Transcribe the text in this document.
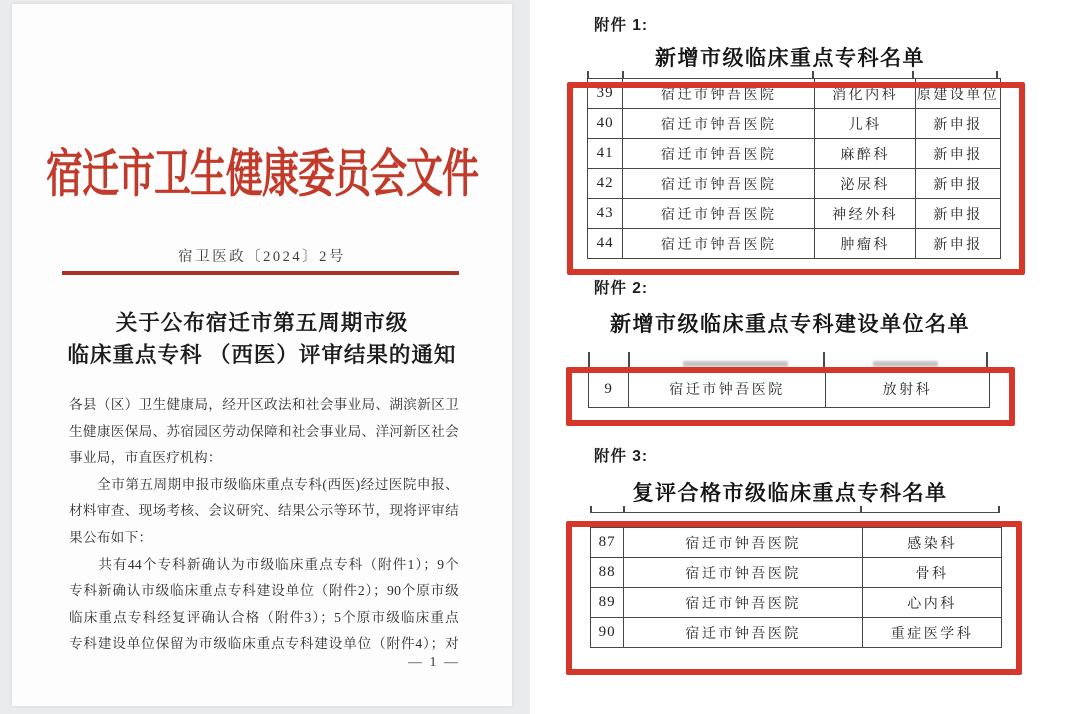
宿迁市卫生健康委员会文件
宿卫医政〔2024〕2号
关于公布宿迁市第五周期市级
临床重点专科 （西医）评审结果的通知
各县（区）卫生健康局，经开区政法和社会事业局、湖滨新区卫
生健康医保局、苏宿园区劳动保障和社会事业局、洋河新区社会
事业局，市直医疗机构：
　　全市第五周期申报市级临床重点专科(西医)经过医院申报、
材料审查、现场考核、会议研究、结果公示等环节，现将评审结
果公布如下：
　　共有44个专科新确认为市级临床重点专科（附件1）；9个
专科新确认市级临床重点专科建设单位（附件2）；90个原市级
临床重点专科经复评确认合格（附件3）；5个原市级临床重点
专科建设单位保留为市级临床重点专科建设单位（附件4）；对
— 1 —
附件 1:
新增市级临床重点专科名单
39	宿迁市钟吾医院	消化内科	原建设单位
40	宿迁市钟吾医院	儿科	新申报
41	宿迁市钟吾医院	麻醉科	新申报
42	宿迁市钟吾医院	泌尿科	新申报
43	宿迁市钟吾医院	神经外科	新申报
44	宿迁市钟吾医院	肿瘤科	新申报
附件 2:
新增市级临床重点专科建设单位名单
9	宿迁市钟吾医院	放射科
附件 3:
复评合格市级临床重点专科名单
87	宿迁市钟吾医院	感染科
88	宿迁市钟吾医院	骨科
89	宿迁市钟吾医院	心内科
90	宿迁市钟吾医院	重症医学科
